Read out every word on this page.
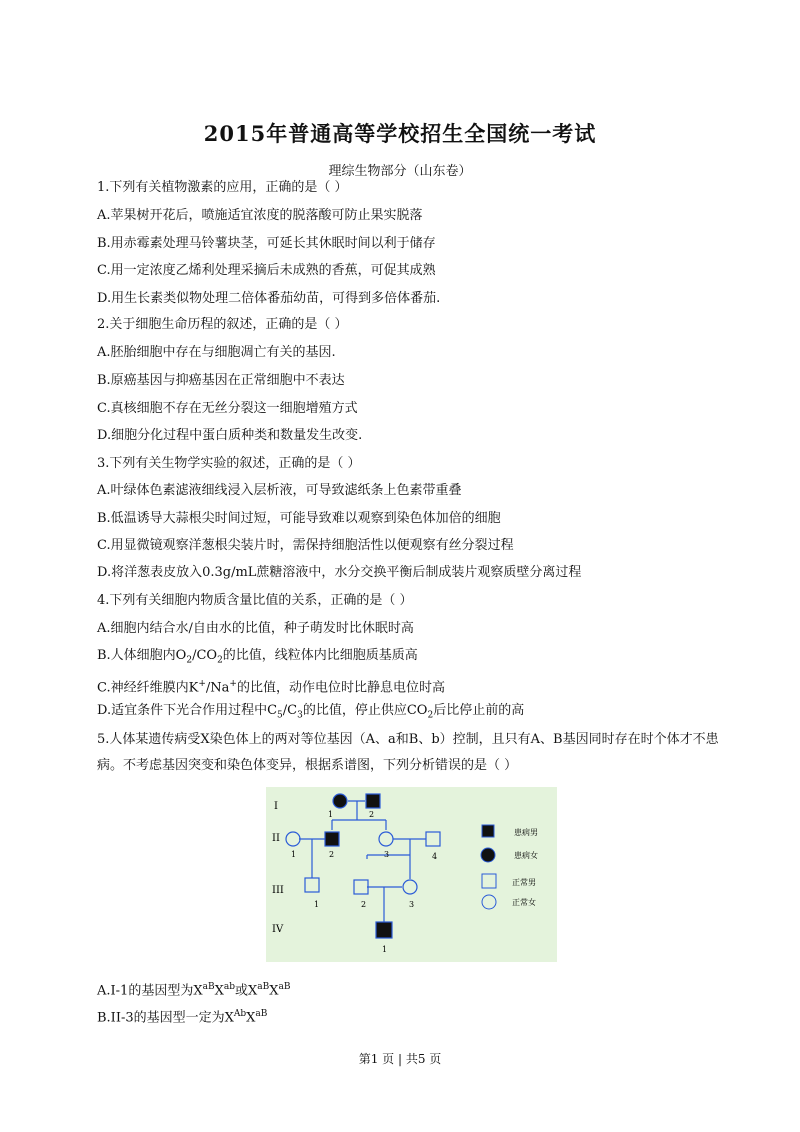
2015年普通高等学校招生全国统一考试
理综生物部分（山东卷）
1.下列有关植物激素的应用，正确的是（ ）
A.苹果树开花后，喷施适宜浓度的脱落酸可防止果实脱落
B.用赤霉素处理马铃薯块茎，可延长其休眠时间以利于储存
C.用一定浓度乙烯利处理采摘后未成熟的香蕉，可促其成熟
D.用生长素类似物处理二倍体番茄幼苗，可得到多倍体番茄.
2.关于细胞生命历程的叙述，正确的是（ ）
A.胚胎细胞中存在与细胞凋亡有关的基因.
B.原癌基因与抑癌基因在正常细胞中不表达
C.真核细胞不存在无丝分裂这一细胞增殖方式
D.细胞分化过程中蛋白质种类和数量发生改变.
3.下列有关生物学实验的叙述，正确的是（ ）
A.叶绿体色素滤液细线浸入层析液，可导致滤纸条上色素带重叠
B.低温诱导大蒜根尖时间过短，可能导致难以观察到染色体加倍的细胞
C.用显微镜观察洋葱根尖装片时，需保持细胞活性以便观察有丝分裂过程
D.将洋葱表皮放入0.3g/mL蔗糖溶液中，水分交换平衡后制成装片观察质壁分离过程
4.下列有关细胞内物质含量比值的关系，正确的是（ ）
A.细胞内结合水/自由水的比值，种子萌发时比休眠时高
B.人体细胞内$O_2/CO_2$的比值，线粒体内比细胞质基质高
C.神经纤维膜内K+/Na+的比值，动作电位时比静息电位时高
D.适宜条件下光合作用过程中$C_5/C_3$的比值，停止供应$CO_2$后比停止前的高
5.人体某遗传病受X染色体上的两对等位基因（A、a和B、b）控制，且只有A、B基因同时存在时个体才不患病。不考虑基因突变和染色体变异，根据系谱图，下列分析错误的是（ ）
I
II
III
IV
1	2
1	2	3	4
1	2	3
1
患病男
患病女
正常男
正常女
A.I-1的基因型为$X^{aB}X^{ab}$或$X^{aB}X^{aB}$
B.II-3的基因型一定为$X^{Ab}X^{aB}$
第1 页 | 共5 页
